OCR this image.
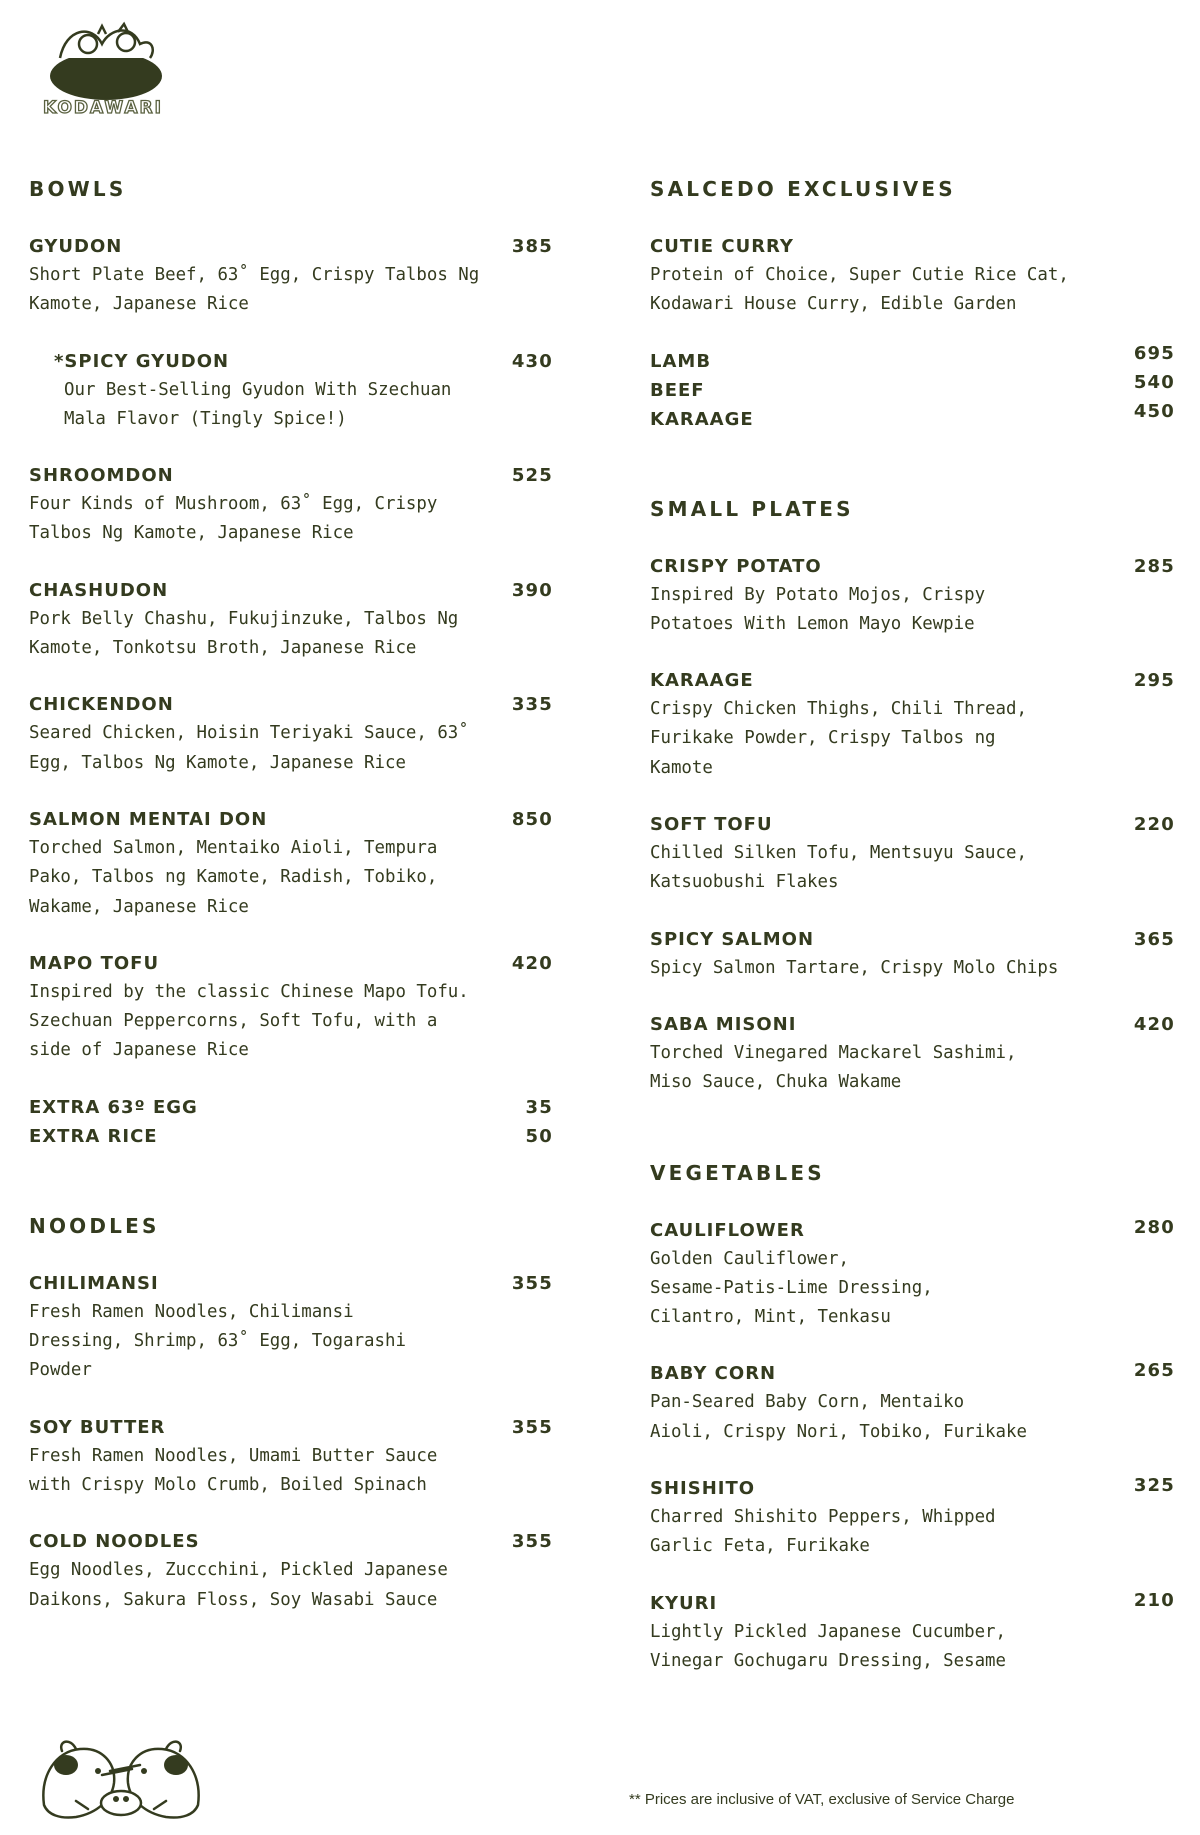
KODAWARI
BOWLS
GYUDON	385
Short Plate Beef, 63˚ Egg, Crispy Talbos Ng
Kamote, Japanese Rice
*SPICY GYUDON	430
Our Best-Selling Gyudon With Szechuan
Mala Flavor (Tingly Spice!)
SHROOMDON	525
Four Kinds of Mushroom, 63˚ Egg, Crispy
Talbos Ng Kamote, Japanese Rice
CHASHUDON	390
Pork Belly Chashu, Fukujinzuke, Talbos Ng
Kamote, Tonkotsu Broth, Japanese Rice
CHICKENDON	335
Seared Chicken, Hoisin Teriyaki Sauce, 63˚
Egg, Talbos Ng Kamote, Japanese Rice
SALMON MENTAI DON	850
Torched Salmon, Mentaiko Aioli, Tempura
Pako, Talbos ng Kamote, Radish, Tobiko,
Wakame, Japanese Rice
MAPO TOFU	420
Inspired by the classic Chinese Mapo Tofu.
Szechuan Peppercorns, Soft Tofu, with a
side of Japanese Rice
EXTRA 63º EGG	35
EXTRA RICE	50
NOODLES
CHILIMANSI	355
Fresh Ramen Noodles, Chilimansi
Dressing, Shrimp, 63˚ Egg, Togarashi
Powder
SOY BUTTER	355
Fresh Ramen Noodles, Umami Butter Sauce
with Crispy Molo Crumb, Boiled Spinach
COLD NOODLES	355
Egg Noodles, Zuccchini, Pickled Japanese
Daikons, Sakura Floss, Soy Wasabi Sauce
SALCEDO EXCLUSIVES
CUTIE CURRY
Protein of Choice, Super Cutie Rice Cat,
Kodawari House Curry, Edible Garden
LAMB	695
BEEF	540
KARAAGE	450
SMALL PLATES
CRISPY POTATO	285
Inspired By Potato Mojos, Crispy
Potatoes With Lemon Mayo Kewpie
KARAAGE	295
Crispy Chicken Thighs, Chili Thread,
Furikake Powder, Crispy Talbos ng
Kamote
SOFT TOFU	220
Chilled Silken Tofu, Mentsuyu Sauce,
Katsuobushi Flakes
SPICY SALMON	365
Spicy Salmon Tartare, Crispy Molo Chips
SABA MISONI	420
Torched Vinegared Mackarel Sashimi,
Miso Sauce, Chuka Wakame
VEGETABLES
CAULIFLOWER	280
Golden Cauliflower,
Sesame-Patis-Lime Dressing,
Cilantro, Mint, Tenkasu
BABY CORN	265
Pan-Seared Baby Corn, Mentaiko
Aioli, Crispy Nori, Tobiko, Furikake
SHISHITO	325
Charred Shishito Peppers, Whipped
Garlic Feta, Furikake
KYURI	210
Lightly Pickled Japanese Cucumber,
Vinegar Gochugaru Dressing, Sesame
** Prices are inclusive of VAT, exclusive of Service Charge
